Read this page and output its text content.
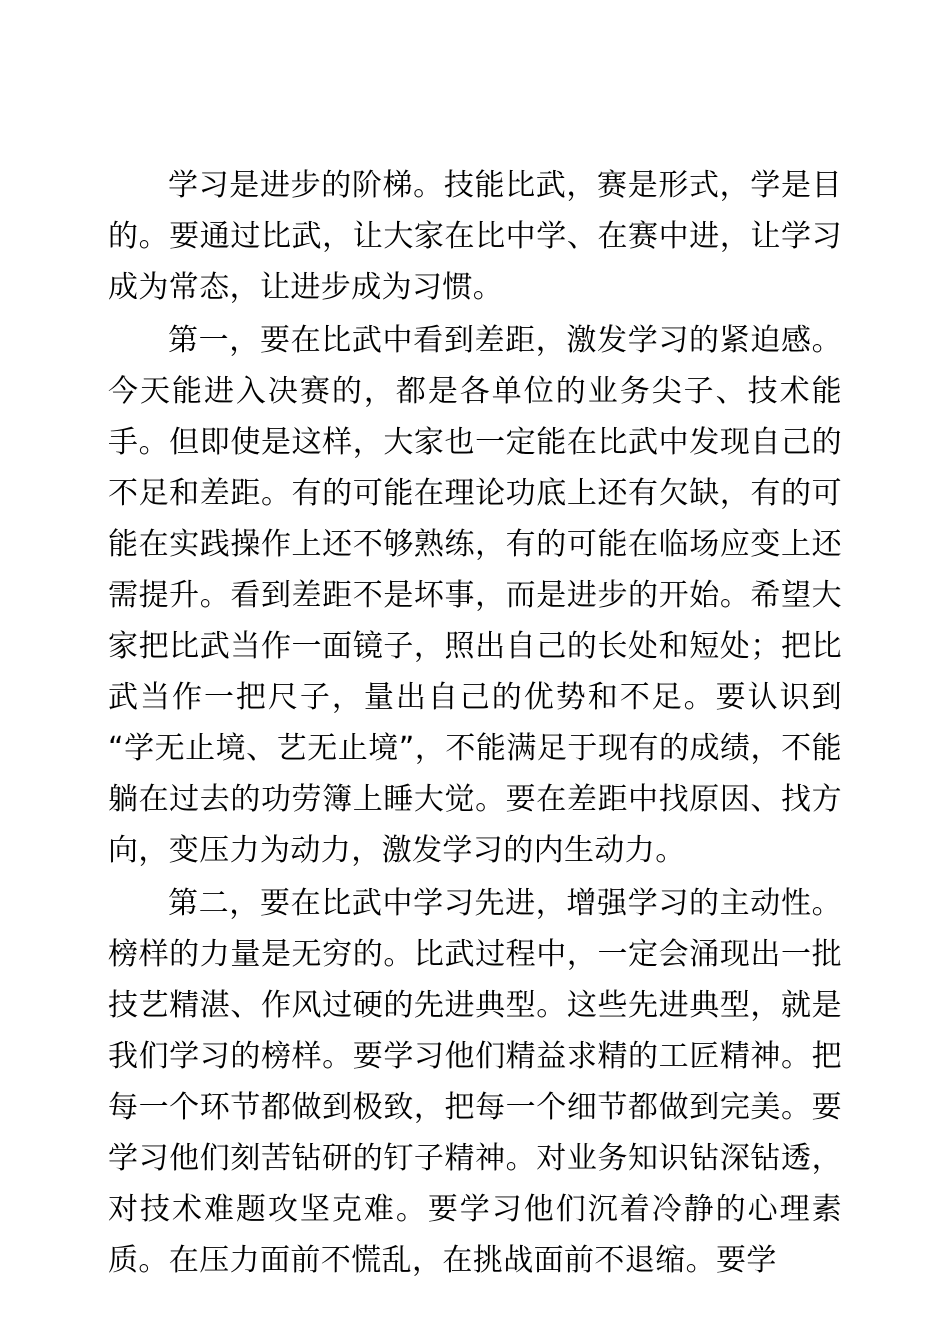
学习是进步的阶梯。技能比武，赛是形式，学是目的。要通过比武，让大家在比中学、在赛中进，让学习成为常态，让进步成为习惯。

第一，要在比武中看到差距，激发学习的紧迫感。今天能进入决赛的，都是各单位的业务尖子、技术能手。但即使是这样，大家也一定能在比武中发现自己的不足和差距。有的可能在理论功底上还有欠缺，有的可能在实践操作上还不够熟练，有的可能在临场应变上还需提升。看到差距不是坏事，而是进步的开始。希望大家把比武当作一面镜子，照出自己的长处和短处；把比武当作一把尺子，量出自己的优势和不足。要认识到“学无止境、艺无止境”，不能满足于现有的成绩，不能躺在过去的功劳簿上睡大觉。要在差距中找原因、找方向，变压力为动力，激发学习的内生动力。

第二，要在比武中学习先进，增强学习的主动性。榜样的力量是无穷的。比武过程中，一定会涌现出一批技艺精湛、作风过硬的先进典型。这些先进典型，就是我们学习的榜样。要学习他们精益求精的工匠精神。把每一个环节都做到极致，把每一个细节都做到完美。要学习他们刻苦钻研的钉子精神。对业务知识钻深钻透，对技术难题攻坚克难。要学习他们沉着冷静的心理素质。在压力面前不慌乱，在挑战面前不退缩。要学
